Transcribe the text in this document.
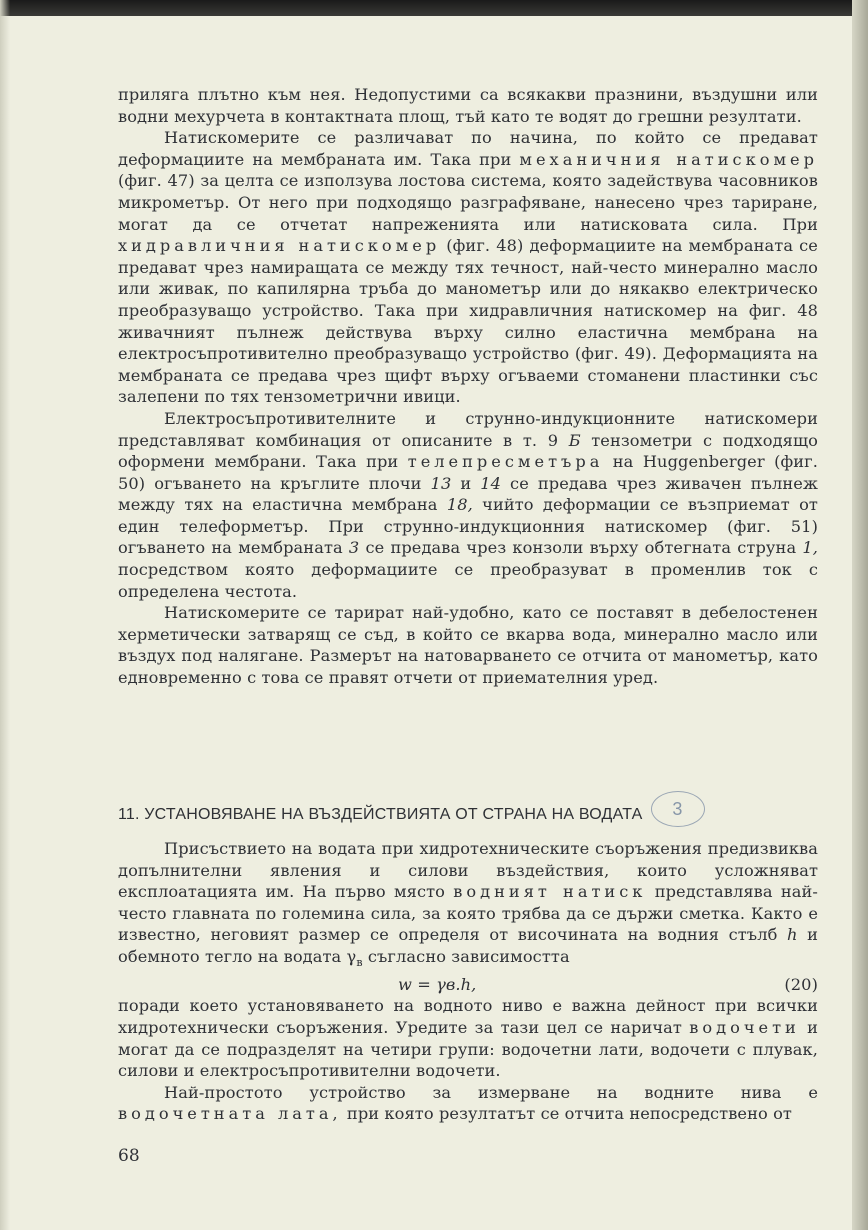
прилягa плътно към нея. Недопустими са всякакви празнини, въздушни или водни мехурчета в контактната площ, тъй като те водят до грешни резултати.

Натискомерите се различават по начина, по който се предават деформациите на мембраната им. Така при механичния натискомер (фиг. 47) за целта се използува лостова система, която задействува часовников микрометър. От него при подходящо разграфяване, нанесено чрез тариране, могат да се отчетат напреженията или натисковата сила. При хидравличния натискомер (фиг. 48) деформациите на мембраната се предават чрез намиращата се между тях течност, най-често минерално масло или живак, по капилярна тръба до манометър или до някакво електрическо преобразуващо устройство. Така при хидравличния натискомер на фиг. 48 живачният пълнеж действува върху силно еластична мембрана на електросъпротивително преобразуващо устройство (фиг. 49). Деформацията на мембраната се предава чрез щифт върху огъваеми стоманени пластинки със залепени по тях тензометрични ивици.

Електросъпротивителните и струнно-индукционните натискомери представляват комбинация от описаните в т. 9 Б тензометри с подходящо оформени мембрани. Така при телепресметъра на Huggenberger (фиг. 50) огъването на кръглите плочи 13 и 14 се предава чрез живачен пълнеж между тях на еластична мембрана 18, чийто деформации се възприемат от един телеформетър. При струнно-индукционния натискомер (фиг. 51) огъването на мембраната 3 се предава чрез конзоли върху обтегната струна 1, посредством която деформациите се преобразуват в променлив ток с определена честота.

Натискомерите се тарират най-удобно, като се поставят в дебелостенен херметически затварящ се съд, в който се вкарва вода, минерално масло или въздух под налягане. Размерът на натоварването се отчита от манометър, като едновременно с това се правят отчети от приемателния уред.

11. УСТАНОВЯВАНЕ НА ВЪЗДЕЙСТВИЯТА ОТ СТРАНА НА ВОДАТА 3

Присъствието на водата при хидротехническите съоръжения предизвиква допълнителни явления и силови въздействия, които усложняват експлоатацията им. На първо място водният натиск представлява най-често главната по големина сила, за която трябва да се държи сметка. Както е известно, неговият размер се определя от височината на водния стълб h и обемното тегло на водата $\gamma_в$ съгласно зависимостта

w = γв.h,	(20)

поради което установяването на водното ниво е важна дейност при всички хидротехнически съоръжения. Уредите за тази цел се наричат водочети и могат да се подразделят на четири групи: водочетни лати, водочети с плувак, силови и електросъпротивителни водочети.

Най-простото устройство за измерване на водните нива е водочетната лата, при която резултатът се отчита непосредствено от

68
